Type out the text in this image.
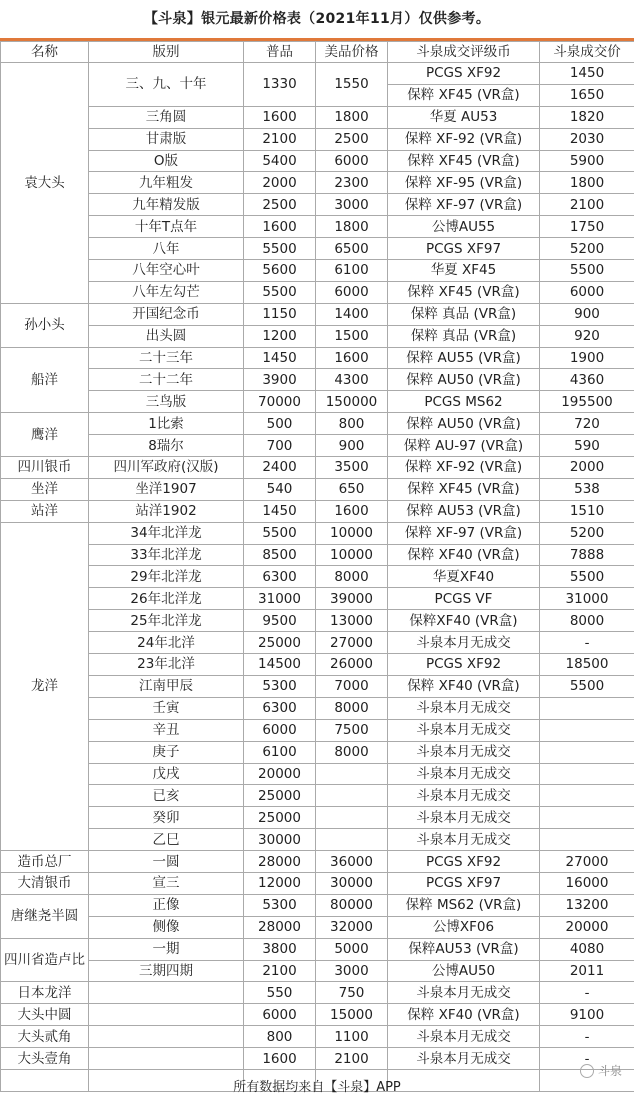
【斗泉】银元最新价格表（2021年11月）仅供参考。
名称	版别	普品	美品价格	斗泉成交评级币	斗泉成交价
袁大头	三、九、十年	1330	1550	PCGS XF92	1450
				保粹 XF45 (VR盒)	1650
	三角圆	1600	1800	华夏 AU53	1820
	甘肃版	2100	2500	保粹 XF-92 (VR盒)	2030
	O版	5400	6000	保粹 XF45 (VR盒)	5900
	九年粗发	2000	2300	保粹 XF-95 (VR盒)	1800
	九年精发版	2500	3000	保粹 XF-97 (VR盒)	2100
	十年T点年	1600	1800	公博AU55	1750
	八年	5500	6500	PCGS XF97	5200
	八年空心叶	5600	6100	华夏 XF45	5500
	八年左勾芒	5500	6000	保粹 XF45 (VR盒)	6000
孙小头	开国纪念币	1150	1400	保粹 真品 (VR盒)	900
	出头圆	1200	1500	保粹 真品 (VR盒)	920
船洋	二十三年	1450	1600	保粹 AU55 (VR盒)	1900
	二十二年	3900	4300	保粹 AU50 (VR盒)	4360
	三鸟版	70000	150000	PCGS MS62	195500
鹰洋	1比索	500	800	保粹 AU50 (VR盒)	720
	8瑞尔	700	900	保粹 AU-97 (VR盒)	590
四川银币	四川军政府(汉版)	2400	3500	保粹 XF-92 (VR盒)	2000
坐洋	坐洋1907	540	650	保粹 XF45 (VR盒)	538
站洋	站洋1902	1450	1600	保粹 AU53 (VR盒)	1510
龙洋	34年北洋龙	5500	10000	保粹 XF-97 (VR盒)	5200
	33年北洋龙	8500	10000	保粹 XF40 (VR盒)	7888
	29年北洋龙	6300	8000	华夏XF40	5500
	26年北洋龙	31000	39000	PCGS VF	31000
	25年北洋龙	9500	13000	保粹XF40 (VR盒)	8000
	24年北洋	25000	27000	斗泉本月无成交	-
	23年北洋	14500	26000	PCGS XF92	18500
	江南甲辰	5300	7000	保粹 XF40 (VR盒)	5500
	壬寅	6300	8000	斗泉本月无成交	
	辛丑	6000	7500	斗泉本月无成交	
	庚子	6100	8000	斗泉本月无成交	
	戊戌	20000		斗泉本月无成交	
	已亥	25000		斗泉本月无成交	
	癸卯	25000		斗泉本月无成交	
	乙巳	30000		斗泉本月无成交	
造币总厂	一圆	28000	36000	PCGS XF92	27000
大清银币	宣三	12000	30000	PCGS XF97	16000
唐继尧半圆	正像	5300	80000	保粹 MS62 (VR盒)	13200
	侧像	28000	32000	公博XF06	20000
四川省造卢比	一期	3800	5000	保粹AU53 (VR盒)	4080
	三期四期	2100	3000	公博AU50	2011
日本龙洋		550	750	斗泉本月无成交	-
大头中圆		6000	15000	保粹 XF40 (VR盒)	9100
大头贰角		800	1100	斗泉本月无成交	-
大头壹角		1600	2100	斗泉本月无成交	-

所有数据均来自【斗泉】APP
斗泉
